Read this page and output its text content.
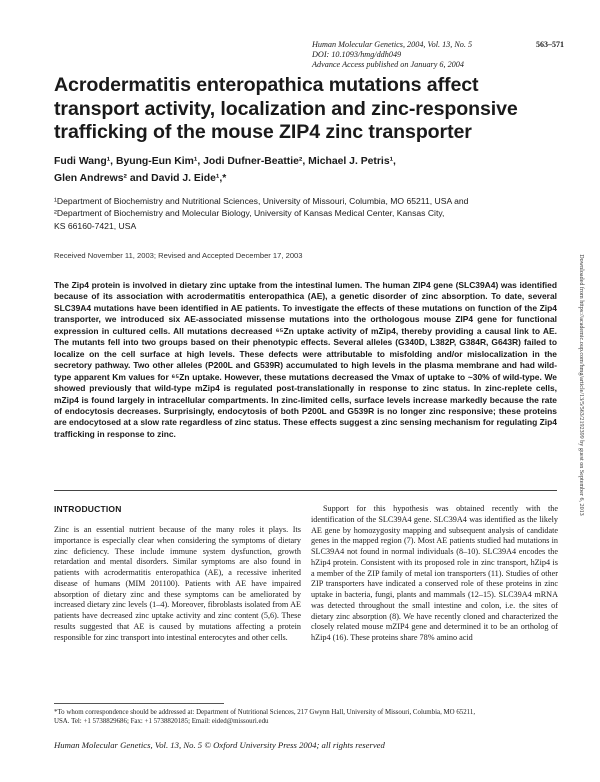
Human Molecular Genetics, 2004, Vol. 13, No. 5	563–571
DOI: 10.1093/hmg/ddh049
Advance Access published on January 6, 2004
Acrodermatitis enteropathica mutations affect transport activity, localization and zinc-responsive trafficking of the mouse ZIP4 zinc transporter
Fudi Wang¹, Byung-Eun Kim¹, Jodi Dufner-Beattie², Michael J. Petris¹,
Glen Andrews² and David J. Eide¹,*
¹Department of Biochemistry and Nutritional Sciences, University of Missouri, Columbia, MO 65211, USA and
²Department of Biochemistry and Molecular Biology, University of Kansas Medical Center, Kansas City,
KS 66160-7421, USA
Received November 11, 2003; Revised and Accepted December 17, 2003

The Zip4 protein is involved in dietary zinc uptake from the intestinal lumen. The human ZIP4 gene (SLC39A4) was identified because of its association with acrodermatitis enteropathica (AE), a genetic disorder of zinc absorption. To date, several SLC39A4 mutations have been identified in AE patients. To investigate the effects of these mutations on function of the Zip4 transporter, we introduced six AE-associated missense mutations into the orthologous mouse ZIP4 gene for functional expression in cultured cells. All mutations decreased ⁶⁵Zn uptake activity of mZip4, thereby providing a causal link to AE. The mutants fell into two groups based on their phenotypic effects. Several alleles (G340D, L382P, G384R, G643R) failed to localize on the cell surface at high levels. These defects were attributable to misfolding and/or mislocalization in the secretory pathway. Two other alleles (P200L and G539R) accumulated to high levels in the plasma membrane and had wild-type apparent Km values for ⁶⁵Zn uptake. However, these mutations decreased the Vmax of uptake to ~30% of wild-type. We showed previously that wild-type mZip4 is regulated post-translationally in response to zinc status. In zinc-replete cells, mZip4 is found largely in intracellular compartments. In zinc-limited cells, surface levels increase markedly because the rate of endocytosis decreases. Surprisingly, endocytosis of both P200L and G539R is no longer zinc responsive; these proteins are endocytosed at a slow rate regardless of zinc status. These effects suggest a zinc sensing mechanism for regulating Zip4 trafficking in response to zinc.

INTRODUCTION

Zinc is an essential nutrient because of the many roles it plays. Its importance is especially clear when considering the symptoms of dietary zinc deficiency. These include immune system dysfunction, growth retardation and mental disorders. Similar symptoms are also found in patients with acrodermatitis enteropathica (AE), a recessive inherited disease of humans (MIM 201100). Patients with AE have impaired absorption of dietary zinc and these symptoms can be ameliorated by increased dietary zinc levels (1–4). Moreover, fibroblasts isolated from AE patients have decreased zinc uptake activity and zinc content (5,6). These results suggested that AE is caused by mutations affecting a protein responsible for zinc transport into intestinal enterocytes and other cells.

Support for this hypothesis was obtained recently with the identification of the SLC39A4 gene. SLC39A4 was identified as the likely AE gene by homozygosity mapping and subsequent analysis of candidate genes in the mapped region (7). Most AE patients studied had mutations in SLC39A4 not found in normal individuals (8–10). SLC39A4 encodes the hZip4 protein. Consistent with its proposed role in zinc transport, hZip4 is a member of the ZIP family of metal ion transporters (11). Studies of other ZIP transporters have indicated a conserved role of these proteins in zinc uptake in bacteria, fungi, plants and mammals (12–15). SLC39A4 mRNA was detected throughout the small intestine and colon, i.e. the sites of dietary zinc absorption (8). We have recently cloned and characterized the closely related mouse mZIP4 gene and determined it to be an ortholog of hZip4 (16). These proteins share 78% amino acid

*To whom correspondence should be addressed at: Department of Nutritional Sciences, 217 Gwynn Hall, University of Missouri, Columbia, MO 65211,
USA. Tel: +1 5738829686; Fax: +1 5738820185; Email: eided@missouri.edu
Human Molecular Genetics, Vol. 13, No. 5 © Oxford University Press 2004; all rights reserved
Downloaded from https://academic.oup.com/hmg/article/13/5/563/2192399 by guest on September 6, 2013
